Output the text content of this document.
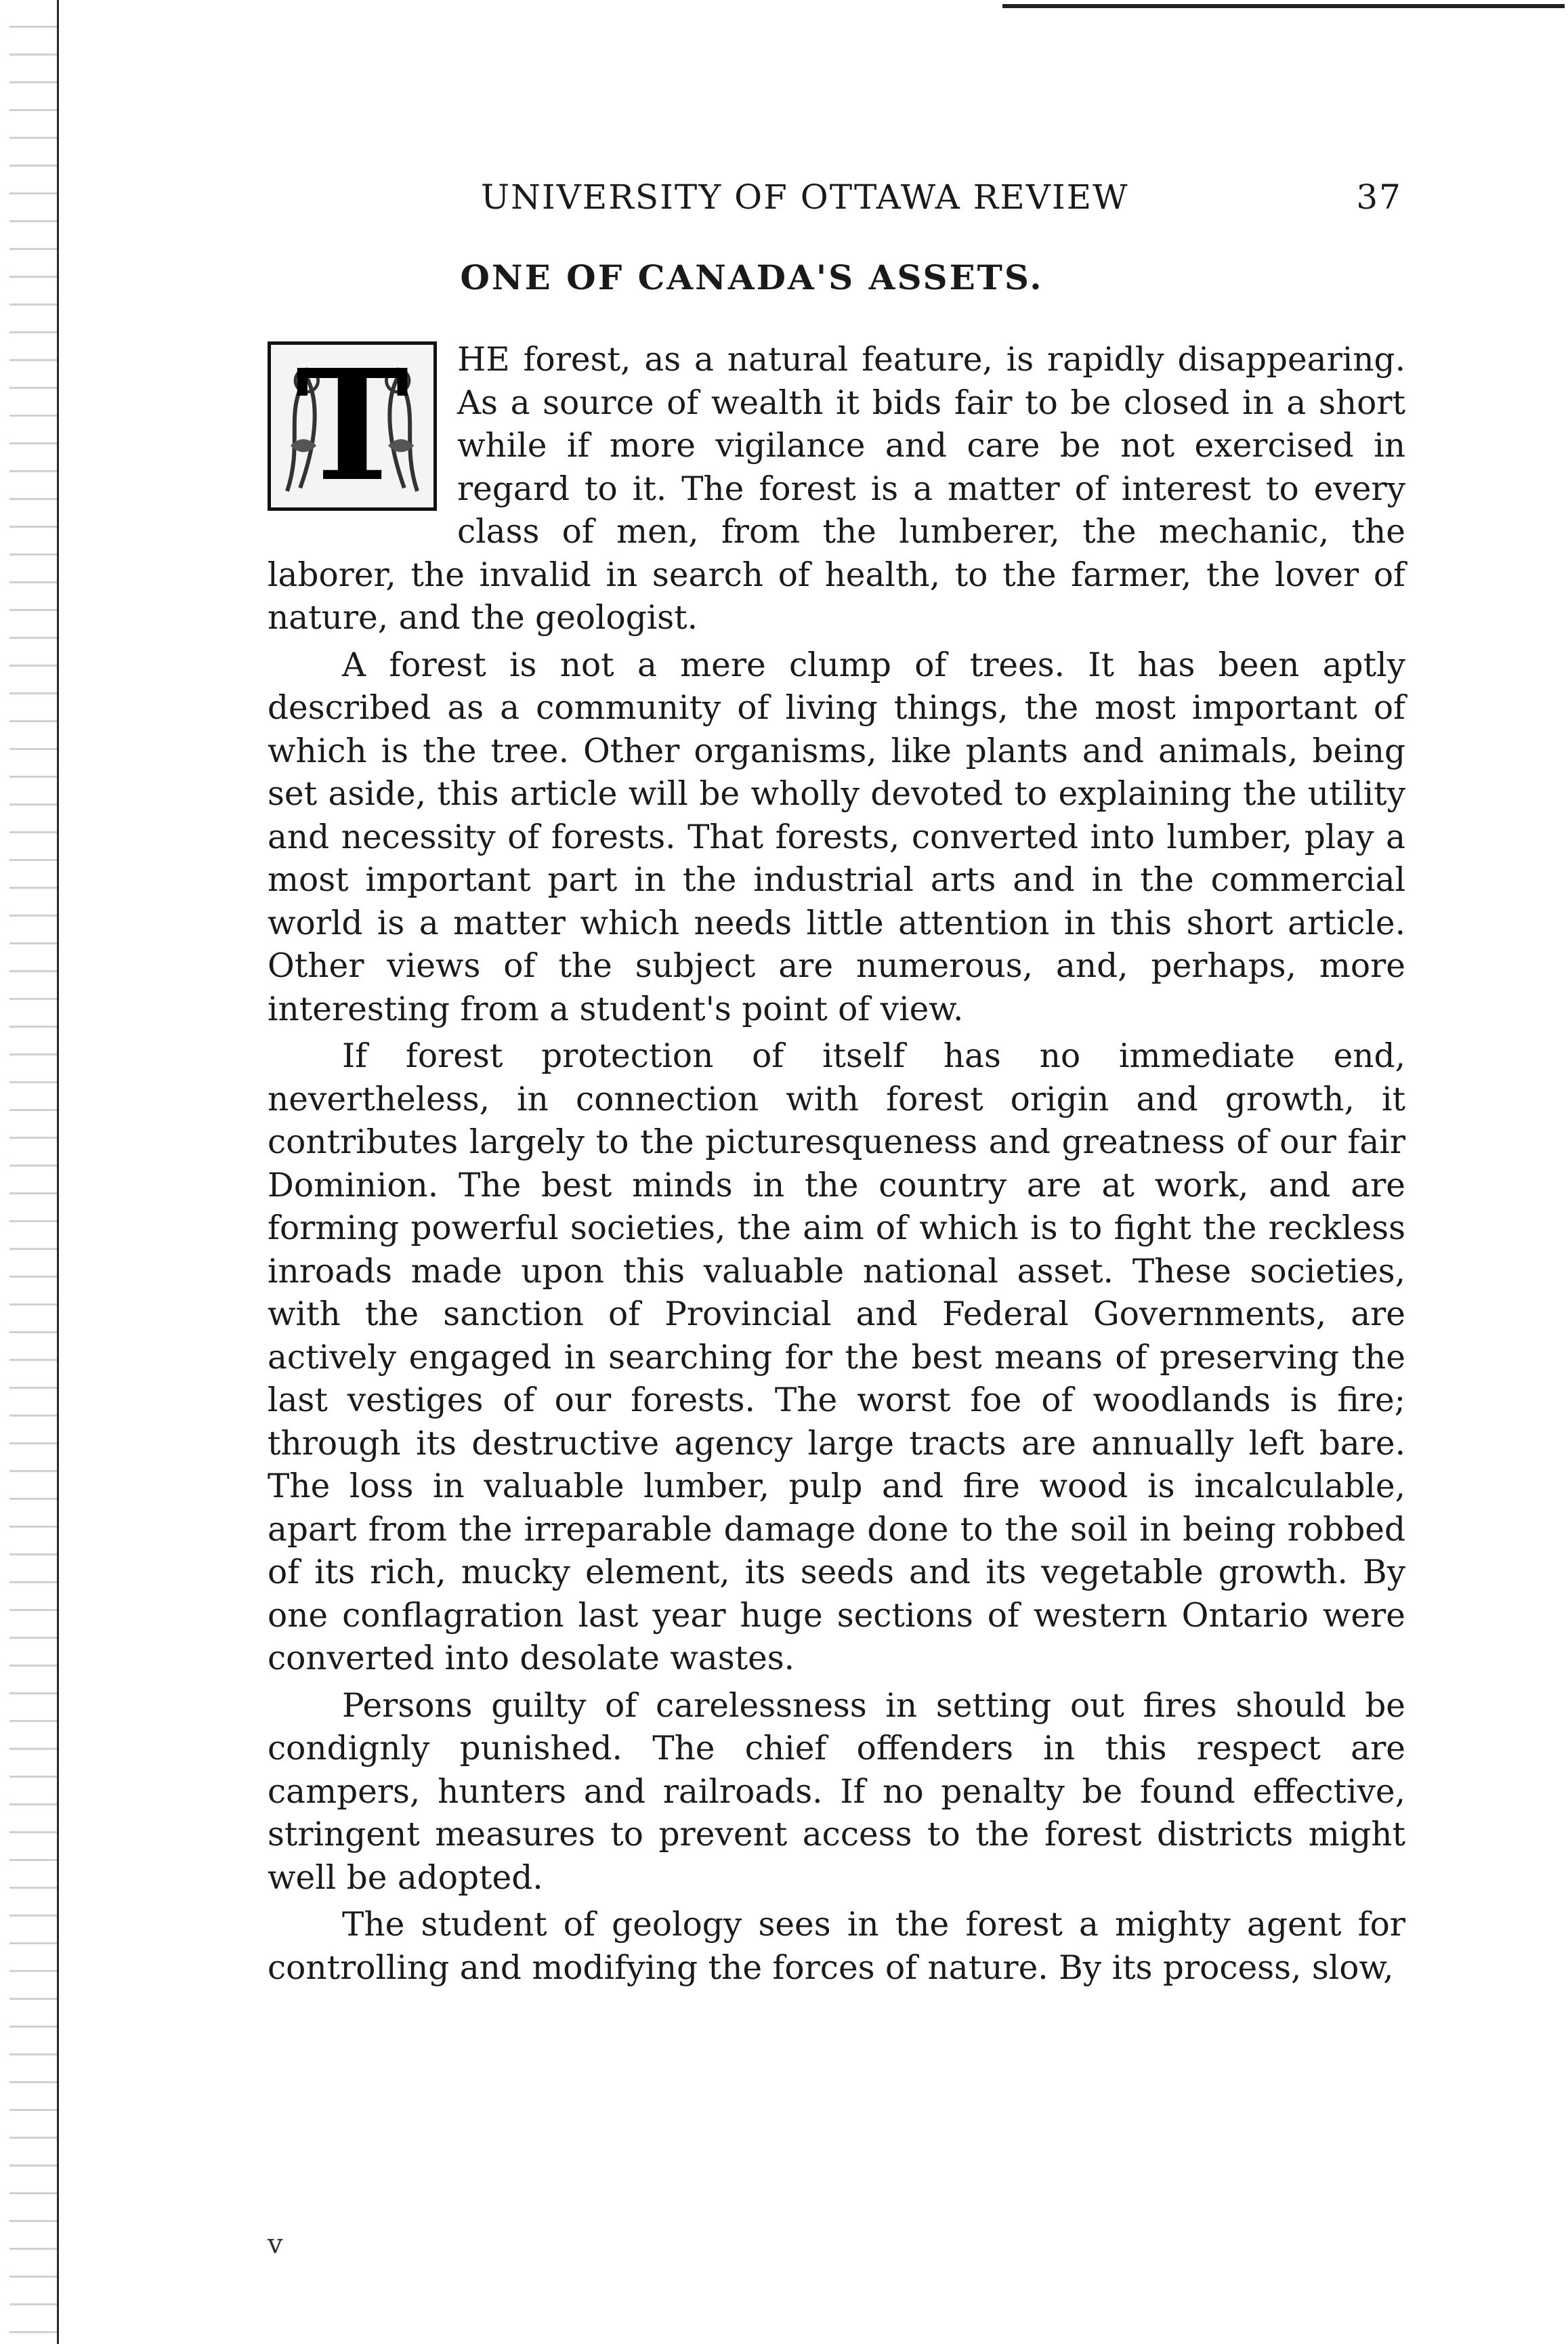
UNIVERSITY OF OTTAWA REVIEW	37
ONE OF CANADA'S ASSETS.

T	HE forest, as a natural feature, is rapidly disappearing. As a source of wealth it bids fair to be closed in a short while if more vigilance and care be not exercised in regard to it. The forest is a matter of interest to every class of men, from the lumberer, the mechanic, the laborer, the invalid in search of health, to the farmer, the lover of nature, and the geologist.

A forest is not a mere clump of trees. It has been aptly described as a community of living things, the most important of which is the tree. Other organisms, like plants and animals, being set aside, this article will be wholly devoted to explaining the utility and necessity of forests. That forests, converted into lumber, play a most important part in the industrial arts and in the commercial world is a matter which needs little attention in this short article. Other views of the subject are numerous, and, perhaps, more interesting from a student's point of view.

If forest protection of itself has no immediate end, nevertheless, in connection with forest origin and growth, it contributes largely to the picturesqueness and greatness of our fair Dominion. The best minds in the country are at work, and are forming powerful societies, the aim of which is to fight the reckless inroads made upon this valuable national asset. These societies, with the sanction of Provincial and Federal Governments, are actively engaged in searching for the best means of preserving the last vestiges of our forests. The worst foe of woodlands is fire; through its destructive agency large tracts are annually left bare. The loss in valuable lumber, pulp and fire wood is incalculable, apart from the irreparable damage done to the soil in being robbed of its rich, mucky element, its seeds and its vegetable growth. By one conflagration last year huge sections of western Ontario were converted into desolate wastes.

Persons guilty of carelessness in setting out fires should be condignly punished. The chief offenders in this respect are campers, hunters and railroads. If no penalty be found effective, stringent measures to prevent access to the forest districts might well be adopted.

The student of geology sees in the forest a mighty agent for controlling and modifying the forces of nature. By its process, slow,

v
